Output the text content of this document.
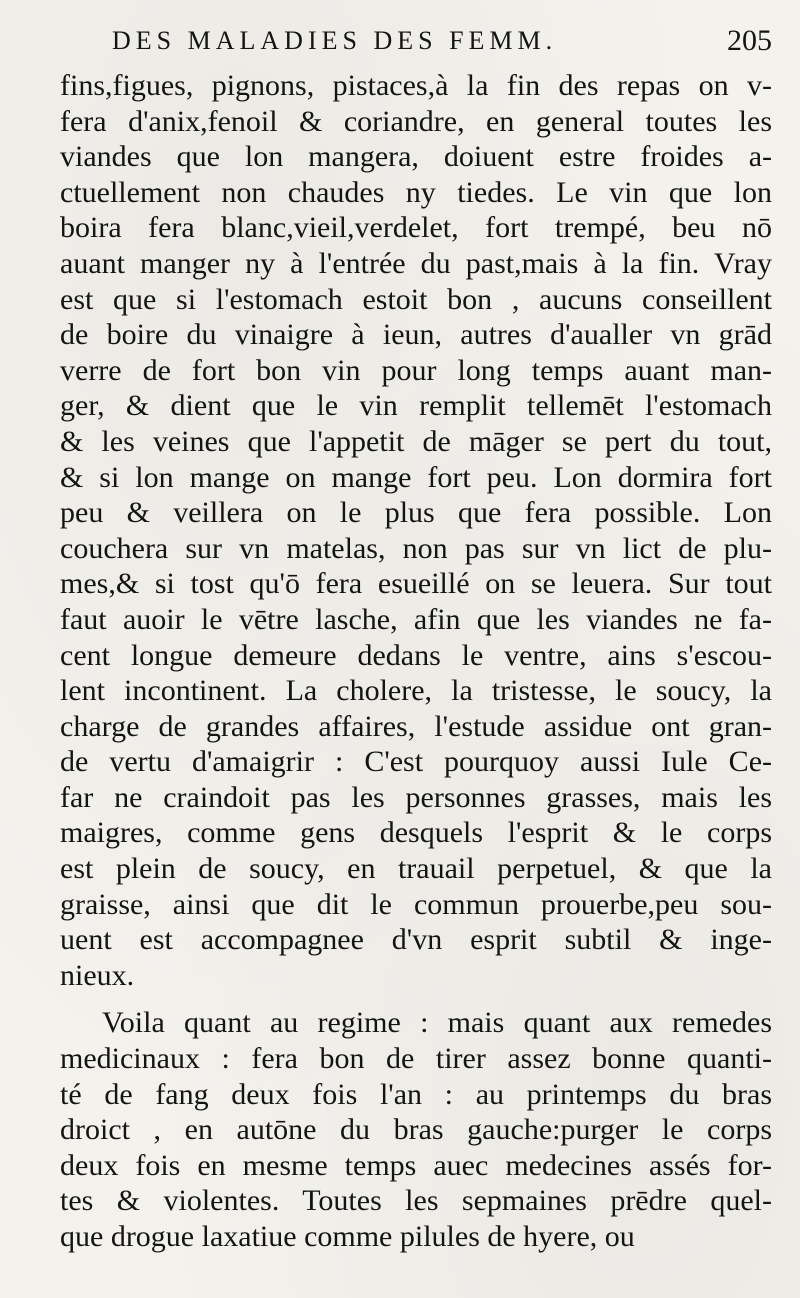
DES MALADIES DES FEMM.	205
fins,figues, pignons, pistaces,à la fin des repas on v-
fera d'anix,fenoil & coriandre, en general toutes les
viandes que lon mangera, doiuent estre froides a-
ctuellement non chaudes ny tiedes. Le vin que lon
boira fera blanc,vieil,verdelet, fort trempé, beu nō
auant manger ny à l'entrée du past,mais à la fin. Vray
est que si l'estomach estoit bon , aucuns conseillent
de boire du vinaigre à ieun, autres d'aualler vn grād
verre de fort bon vin pour long temps auant man-
ger, & dient que le vin remplit tellemēt l'estomach
& les veines que l'appetit de māger se pert du tout,
& si lon mange on mange fort peu. Lon dormira fort
peu & veillera on le plus que fera possible. Lon
couchera sur vn matelas, non pas sur vn lict de plu-
mes,& si tost qu'ō fera esueillé on se leuera. Sur tout
faut auoir le vētre lasche, afin que les viandes ne fa-
cent longue demeure dedans le ventre, ains s'escou-
lent incontinent. La cholere, la tristesse, le soucy, la
charge de grandes affaires, l'estude assidue ont gran-
de vertu d'amaigrir : C'est pourquoy aussi Iule Ce-
far ne craindoit pas les personnes grasses, mais les
maigres, comme gens desquels l'esprit & le corps
est plein de soucy, en trauail perpetuel, & que la
graisse, ainsi que dit le commun prouerbe,peu sou-
uent est accompagnee d'vn esprit subtil & inge-
nieux.
Voila quant au regime : mais quant aux remedes
medicinaux : fera bon de tirer assez bonne quanti-
té de fang deux fois l'an : au printemps du bras
droict , en autōne du bras gauche:purger le corps
deux fois en mesme temps auec medecines assés for-
tes & violentes. Toutes les sepmaines prēdre quel-
que drogue laxatiue comme pilules de hyere, ou
